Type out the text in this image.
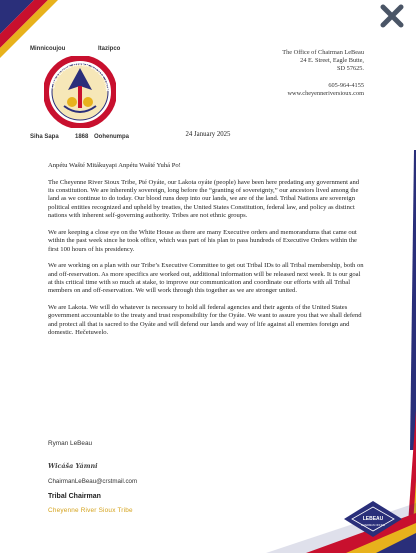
Minnicoujou	Itazipco
CHEYENNE RIVER SIOUX TRIB
Siha Sapa	1868 Oohenumpa
The Office of Chairman LeBeau
24 E. Street, Eagle Butte,
SD 57625.
605-964-4155
www.cheyenneriversioux.com
24 January 2025

Anpétu Wašté Mitákuyapi Anpétu Wašté Yuhá Po!

The Cheyenne River Sioux Tribe, Pté Oyáte, our Lakota oyáte (people) have been here predating any government and its constitution. We are inherently sovereign, long before the “granting of sovereignty,” our ancestors lived among the land as we continue to do today. Our blood runs deep into our lands, we are of the land. Tribal Nations are sovereign political entities recognized and upheld by treaties, the United States Constitution, federal law, and policy as distinct nations with inherent self-governing authority. Tribes are not ethnic groups.

We are keeping a close eye on the White House as there are many Executive orders and memorandums that came out within the past week since he took office, which was part of his plan to pass hundreds of Executive Orders within the first 100 hours of his presidency.

We are working on a plan with our Tribe’s Executive Committee to get out Tribal IDs to all Tribal membership, both on and off-reservation. As more specifics are worked out, additional information will be released next week. It is our goal at this critical time with so much at stake, to improve our communication and coordinate our efforts with all Tribal members on and off-reservation. We will work through this together as we are stronger united.

We are Lakota. We will do whatever is necessary to hold all federal agencies and their agents of the United States government accountable to the treaty and trust responsibility for the Oyáte. We want to assure you that we shall defend and protect all that is sacred to the Oyáte and will defend our lands and way of life against all enemies foreign and domestic. Hečetuwelo.

Ryman LeBeau
Wicáša Yámni
ChairmanLeBeau@crstmail.com
Tribal Chairman
Cheyenne River Sioux Tribe
LEBEAU
CHAIRMAN OFFICE
